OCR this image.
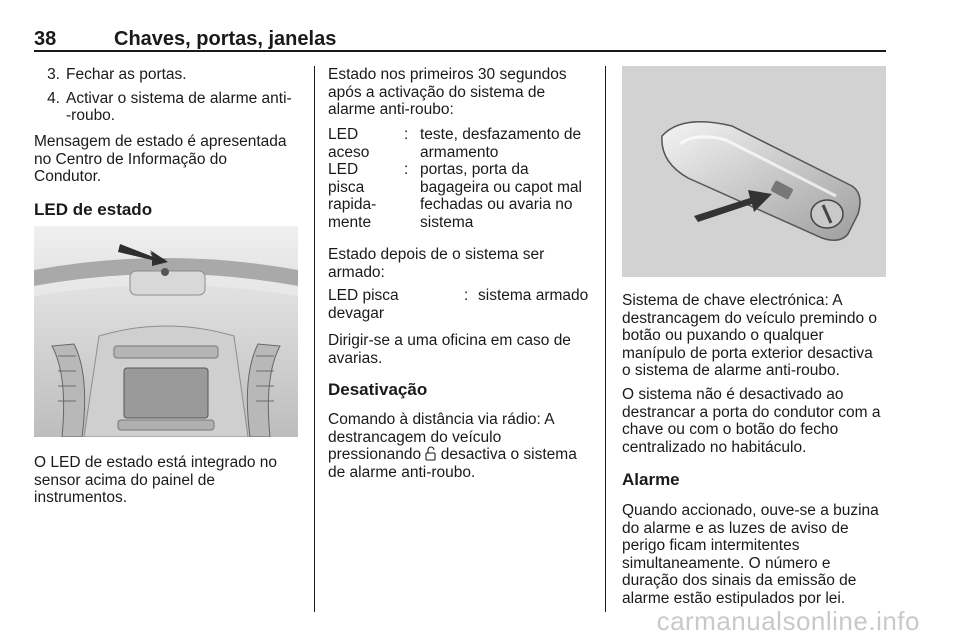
38	Chaves, portas, janelas
3. Fechar as portas.
4. Activar o sistema de alarme anti-
-roubo.
Mensagem de estado é apresentada
no Centro de Informação do
Condutor.
LED de estado
O LED de estado está integrado no
sensor acima do painel de
instrumentos.
Estado nos primeiros 30 segundos
após a activação do sistema de
alarme anti-roubo:
LED
aceso
: teste, desfazamento de
armamento
LED
pisca
rapida-
mente
: portas, porta da
bagageira ou capot mal
fechadas ou avaria no
sistema
Estado depois de o sistema ser
armado:
LED pisca
devagar
: sistema armado
Dirigir-se a uma oficina em caso de
avarias.
Desativação
Comando à distância via rádio: A
destrancagem do veículo
pressionando desactiva o sistema
de alarme anti-roubo.
Sistema de chave electrónica: A
destrancagem do veículo premindo o
botão ou puxando o qualquer
manípulo de porta exterior desactiva
o sistema de alarme anti-roubo.
O sistema não é desactivado ao
destrancar a porta do condutor com a
chave ou com o botão do fecho
centralizado no habitáculo.
Alarme
Quando accionado, ouve-se a buzina
do alarme e as luzes de aviso de
perigo ficam intermitentes
simultaneamente. O número e
duração dos sinais da emissão de
alarme estão estipulados por lei.
carmanualsonline.info
